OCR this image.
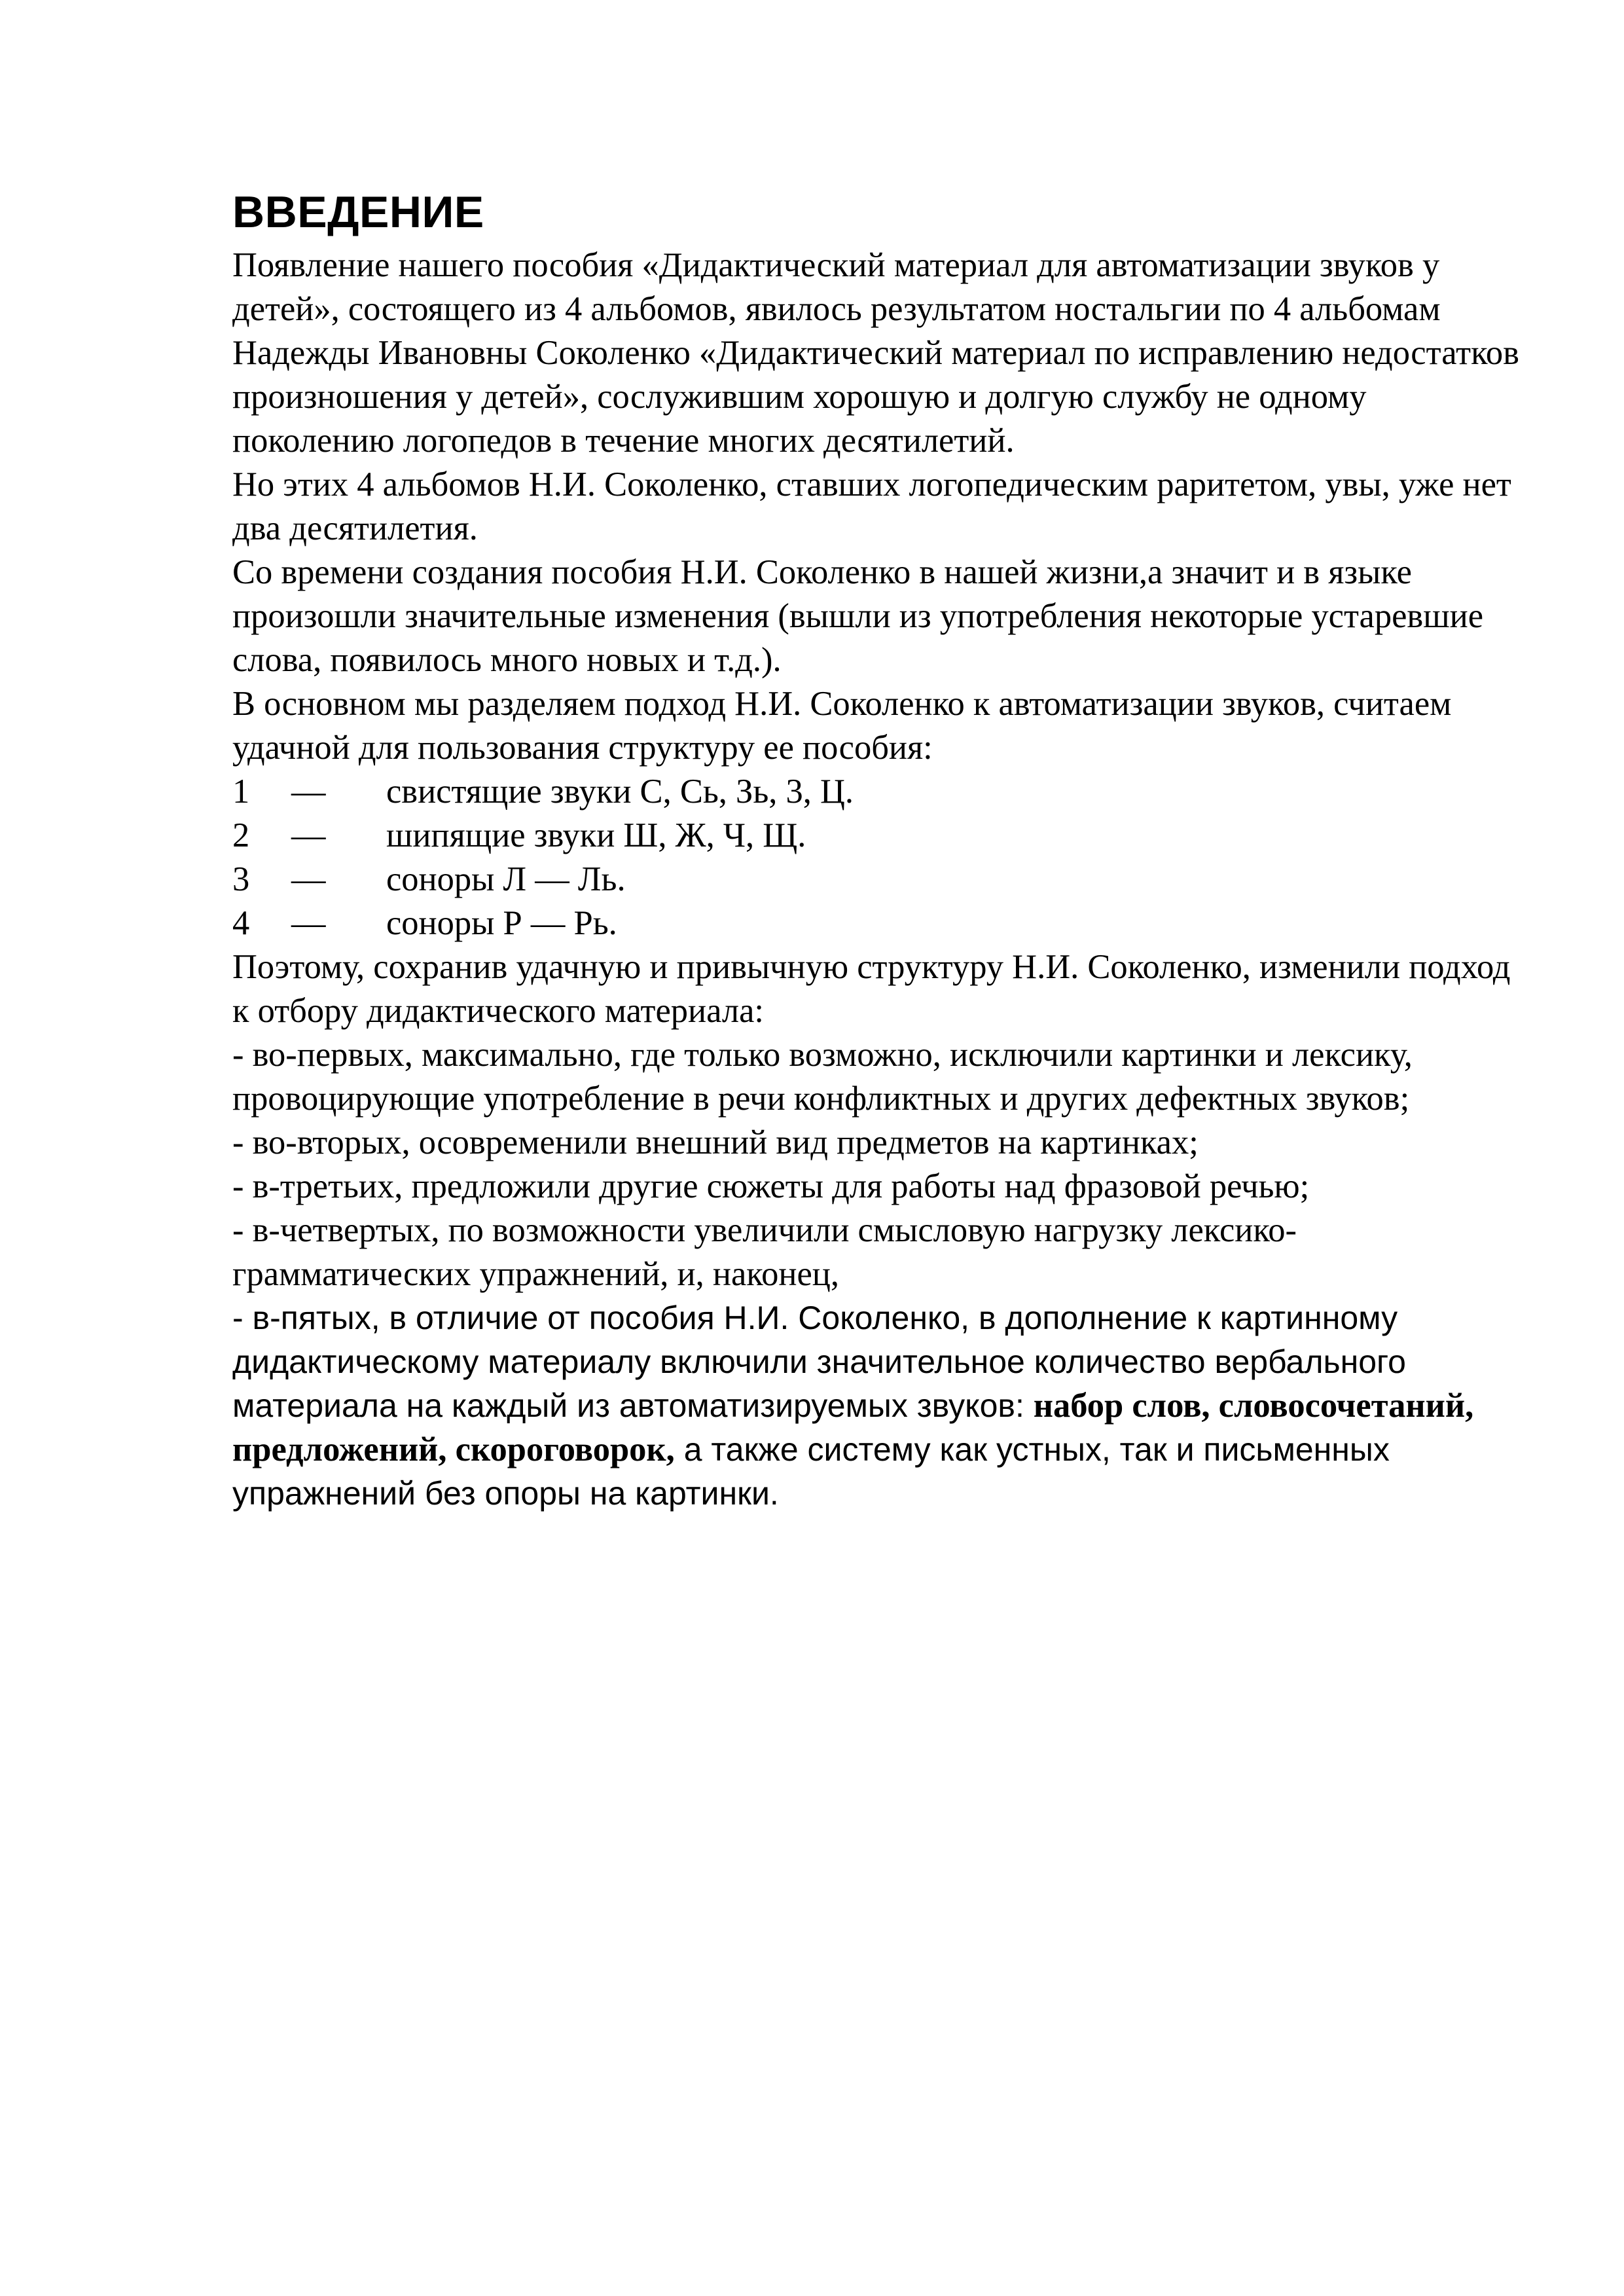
ВВЕДЕНИЕ

Появление нашего пособия «Дидактический материал для автоматизации звуков у детей», состоящего из 4 альбомов, явилось результатом ностальгии по 4 альбомам Надежды Ивановны Соколенко «Дидактический материал по исправлению недостатков произношения у детей», сослужившим хорошую и долгую службу не одному поколению логопедов в течение многих десятилетий.

Но этих 4 альбомов Н.И. Соколенко, ставших логопедическим раритетом, увы, уже нет два десятилетия.

Со времени создания пособия Н.И. Соколенко в нашей жизни,а значит и в языке произошли значительные изменения (вышли из употребления некоторые устаревшие слова, появилось много новых и т.д.).

В основном мы разделяем подход Н.И. Соколенко к автоматизации звуков, считаем удачной для пользования структуру ее пособия:

1	—	свистящие звуки С, Сь, Зь, 3, Ц.
2	—	шипящие звуки Ш, Ж, Ч, Щ.
3	—	соноры Л — Ль.
4	—	соноры Р — Рь.

Поэтому, сохранив удачную и привычную структуру Н.И. Соколенко, изменили подход к отбору дидактического материала:

- во-первых, максимально, где только возможно, исключили картинки и лексику, провоцирующие употребление в речи конфликтных и других дефектных звуков;

- во-вторых, осовременили внешний вид предметов на картинках;

- в-третьих, предложили другие сюжеты для работы над фразовой речью;

- в-четвертых, по возможности увеличили смысловую нагрузку лексико-грамматических упражнений, и, наконец,

- в-пятых, в отличие от пособия Н.И. Соколенко, в дополнение к картинному дидактическому материалу включили значительное количество вербального материала на каждый из автоматизируемых звуков: набор слов, словосочетаний, предложений, скороговорок, а также систему как устных, так и письменных упражнений без опоры на картинки.
